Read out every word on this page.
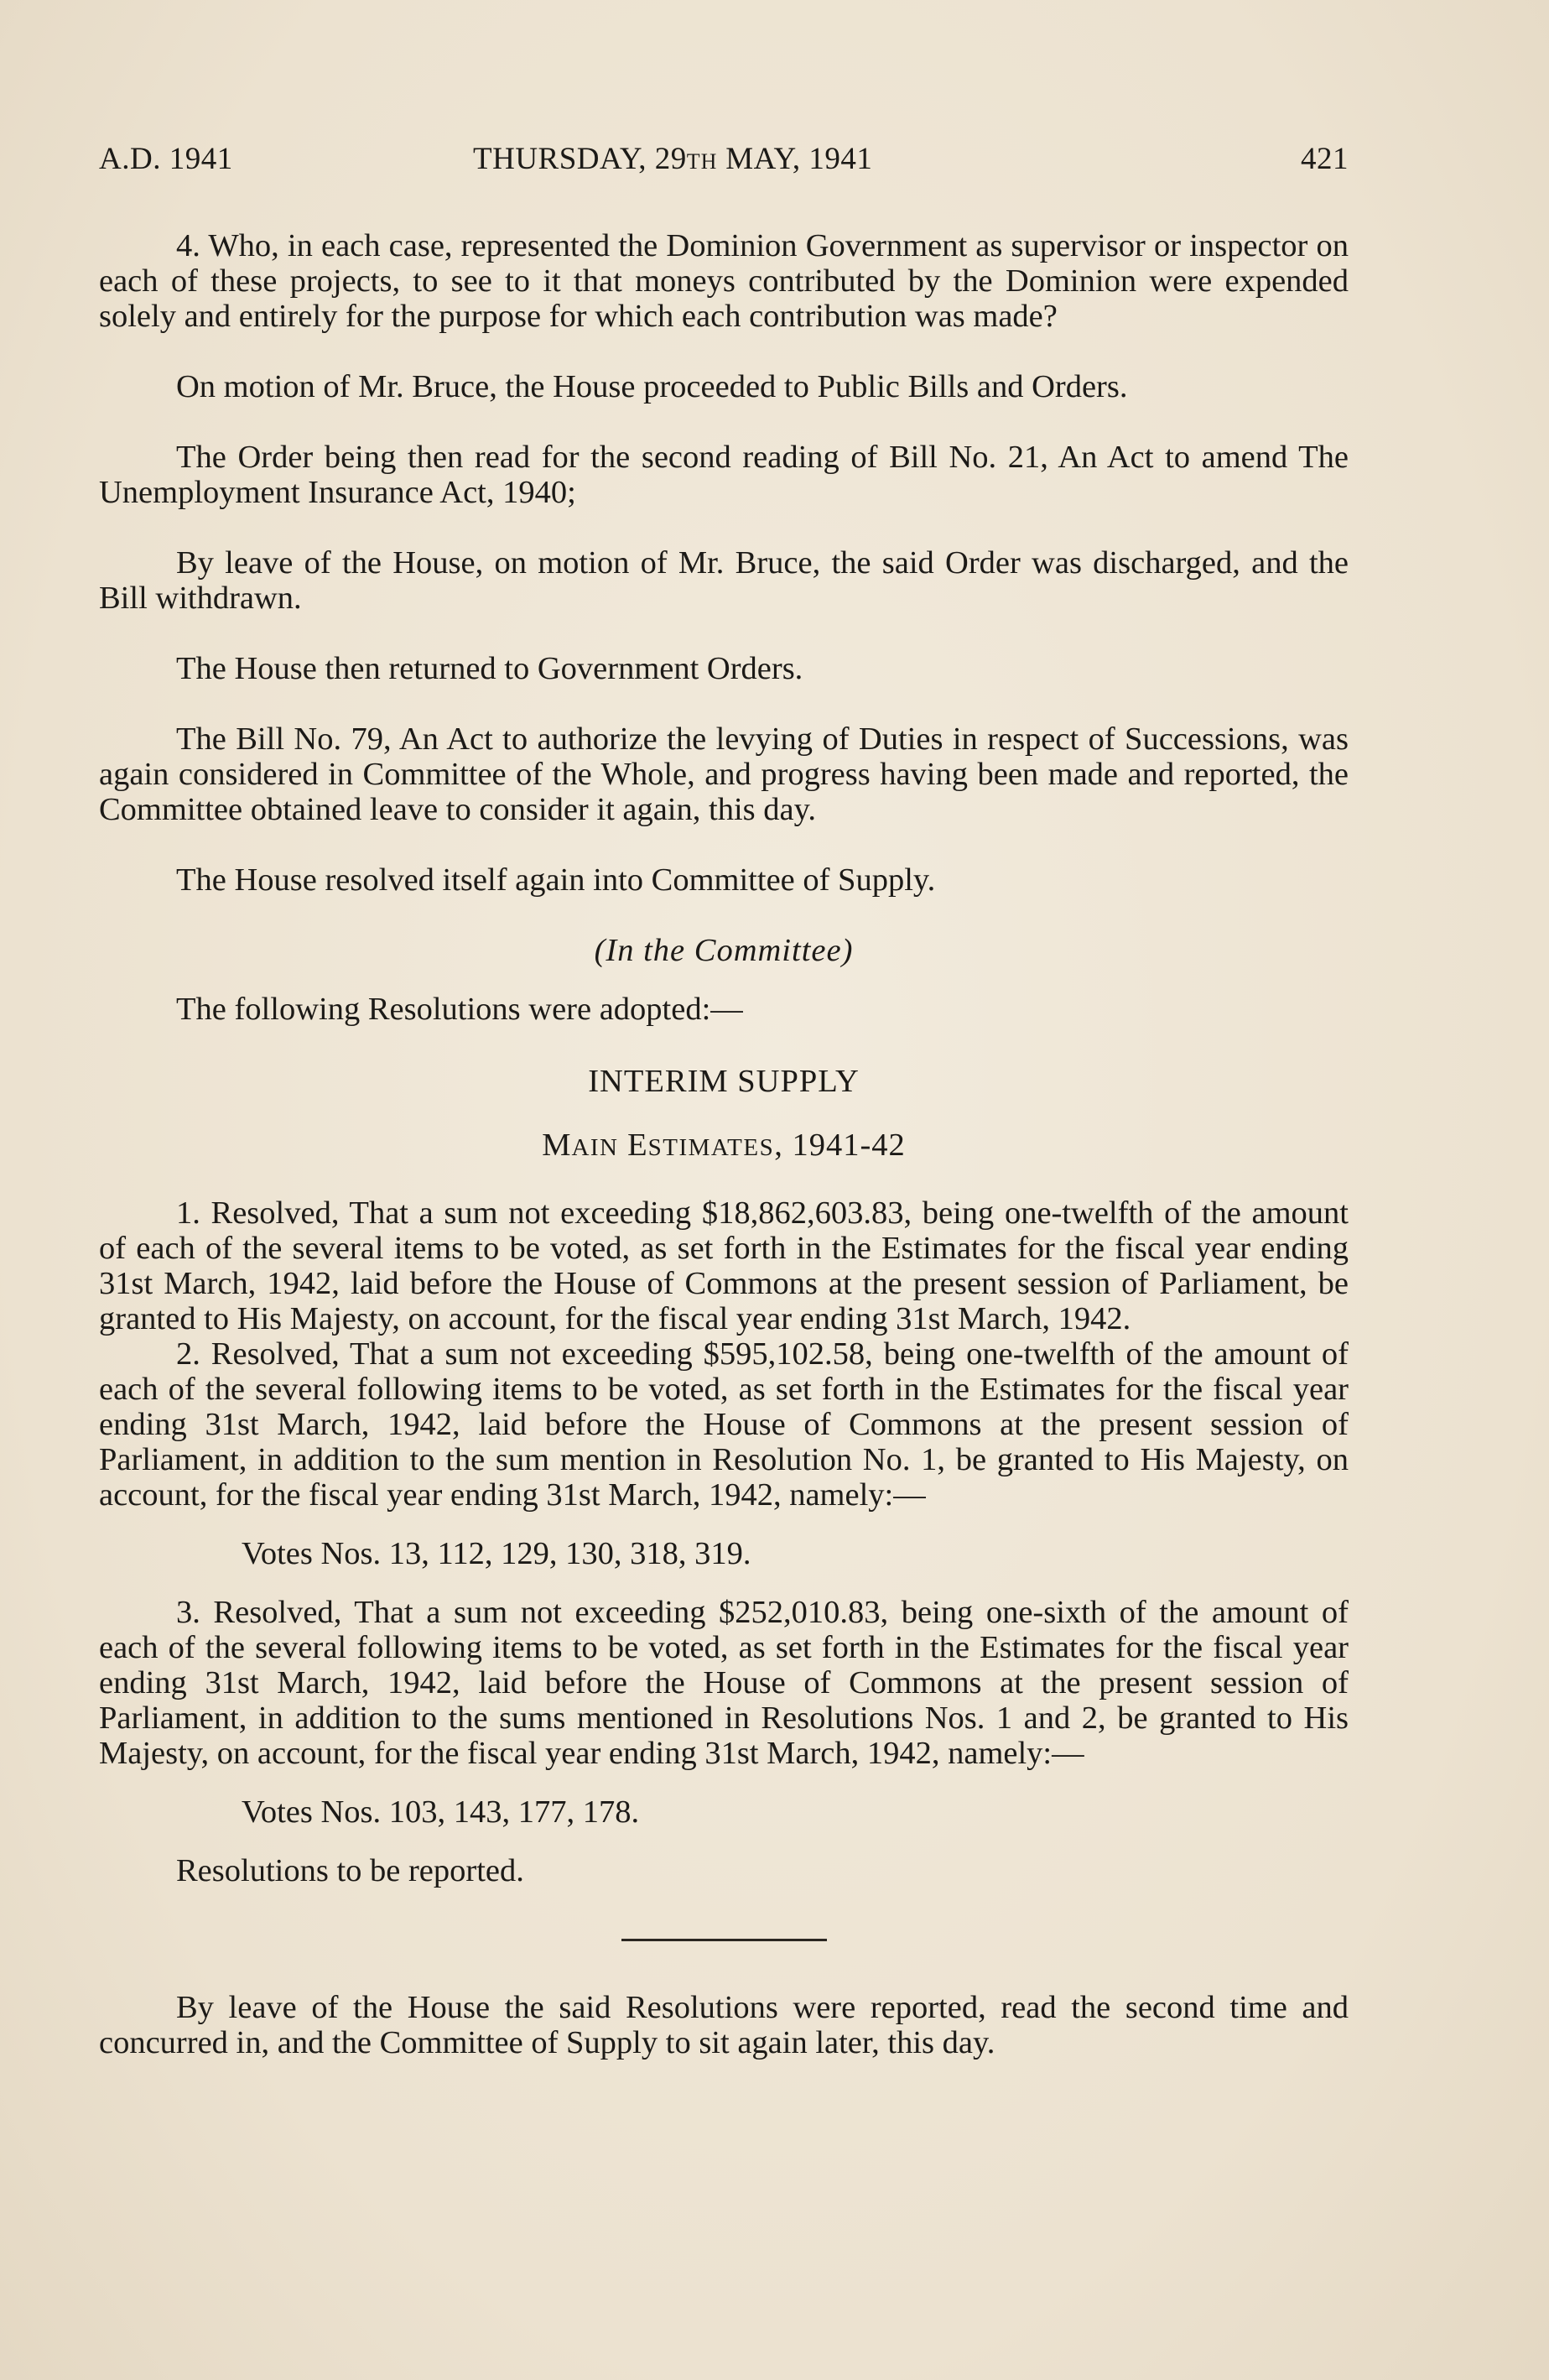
A.D. 1941	THURSDAY, 29TH MAY, 1941	421

4. Who, in each case, represented the Dominion Government as supervisor or inspector on each of these projects, to see to it that moneys contributed by the Dominion were expended solely and entirely for the purpose for which each contribution was made?

On motion of Mr. Bruce, the House proceeded to Public Bills and Orders.

The Order being then read for the second reading of Bill No. 21, An Act to amend The Unemployment Insurance Act, 1940;

By leave of the House, on motion of Mr. Bruce, the said Order was discharged, and the Bill withdrawn.

The House then returned to Government Orders.

The Bill No. 79, An Act to authorize the levying of Duties in respect of Successions, was again considered in Committee of the Whole, and progress having been made and reported, the Committee obtained leave to consider it again, this day.

The House resolved itself again into Committee of Supply.

(In the Committee)

The following Resolutions were adopted:—

INTERIM SUPPLY

MAIN ESTIMATES, 1941-42

1. Resolved, That a sum not exceeding $18,862,603.83, being one-twelfth of the amount of each of the several items to be voted, as set forth in the Estimates for the fiscal year ending 31st March, 1942, laid before the House of Commons at the present session of Parliament, be granted to His Majesty, on account, for the fiscal year ending 31st March, 1942.

2. Resolved, That a sum not exceeding $595,102.58, being one-twelfth of the amount of each of the several following items to be voted, as set forth in the Estimates for the fiscal year ending 31st March, 1942, laid before the House of Commons at the present session of Parliament, in addition to the sum mention in Resolution No. 1, be granted to His Majesty, on account, for the fiscal year ending 31st March, 1942, namely:—

Votes Nos. 13, 112, 129, 130, 318, 319.

3. Resolved, That a sum not exceeding $252,010.83, being one-sixth of the amount of each of the several following items to be voted, as set forth in the Estimates for the fiscal year ending 31st March, 1942, laid before the House of Commons at the present session of Parliament, in addition to the sums mentioned in Resolutions Nos. 1 and 2, be granted to His Majesty, on account, for the fiscal year ending 31st March, 1942, namely:—

Votes Nos. 103, 143, 177, 178.

Resolutions to be reported.

By leave of the House the said Resolutions were reported, read the second time and concurred in, and the Committee of Supply to sit again later, this day.
